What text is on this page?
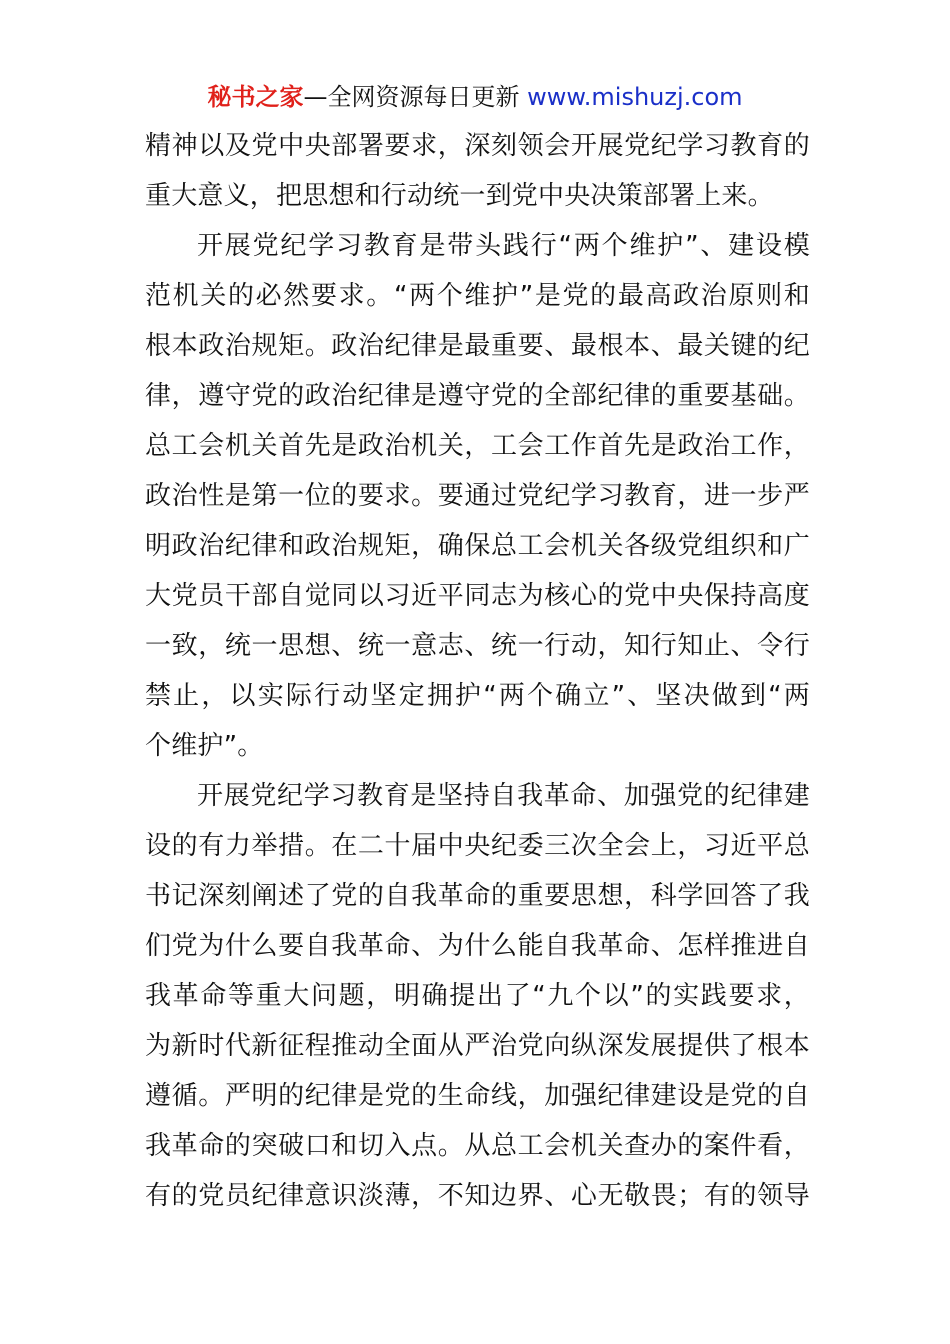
秘书之家—全网资源每日更新 www.mishuzj.com
精神以及党中央部署要求，深刻领会开展党纪学习教育的
重大意义，把思想和行动统一到党中央决策部署上来。
开展党纪学习教育是带头践行“两个维护”、建设模
范机关的必然要求。“两个维护”是党的最高政治原则和
根本政治规矩。政治纪律是最重要、最根本、最关键的纪
律，遵守党的政治纪律是遵守党的全部纪律的重要基础。
总工会机关首先是政治机关，工会工作首先是政治工作，
政治性是第一位的要求。要通过党纪学习教育，进一步严
明政治纪律和政治规矩，确保总工会机关各级党组织和广
大党员干部自觉同以习近平同志为核心的党中央保持高度
一致，统一思想、统一意志、统一行动，知行知止、令行
禁止，以实际行动坚定拥护“两个确立”、坚决做到“两
个维护”。
开展党纪学习教育是坚持自我革命、加强党的纪律建
设的有力举措。在二十届中央纪委三次全会上，习近平总
书记深刻阐述了党的自我革命的重要思想，科学回答了我
们党为什么要自我革命、为什么能自我革命、怎样推进自
我革命等重大问题，明确提出了“九个以”的实践要求，
为新时代新征程推动全面从严治党向纵深发展提供了根本
遵循。严明的纪律是党的生命线，加强纪律建设是党的自
我革命的突破口和切入点。从总工会机关查办的案件看，
有的党员纪律意识淡薄，不知边界、心无敬畏；有的领导
